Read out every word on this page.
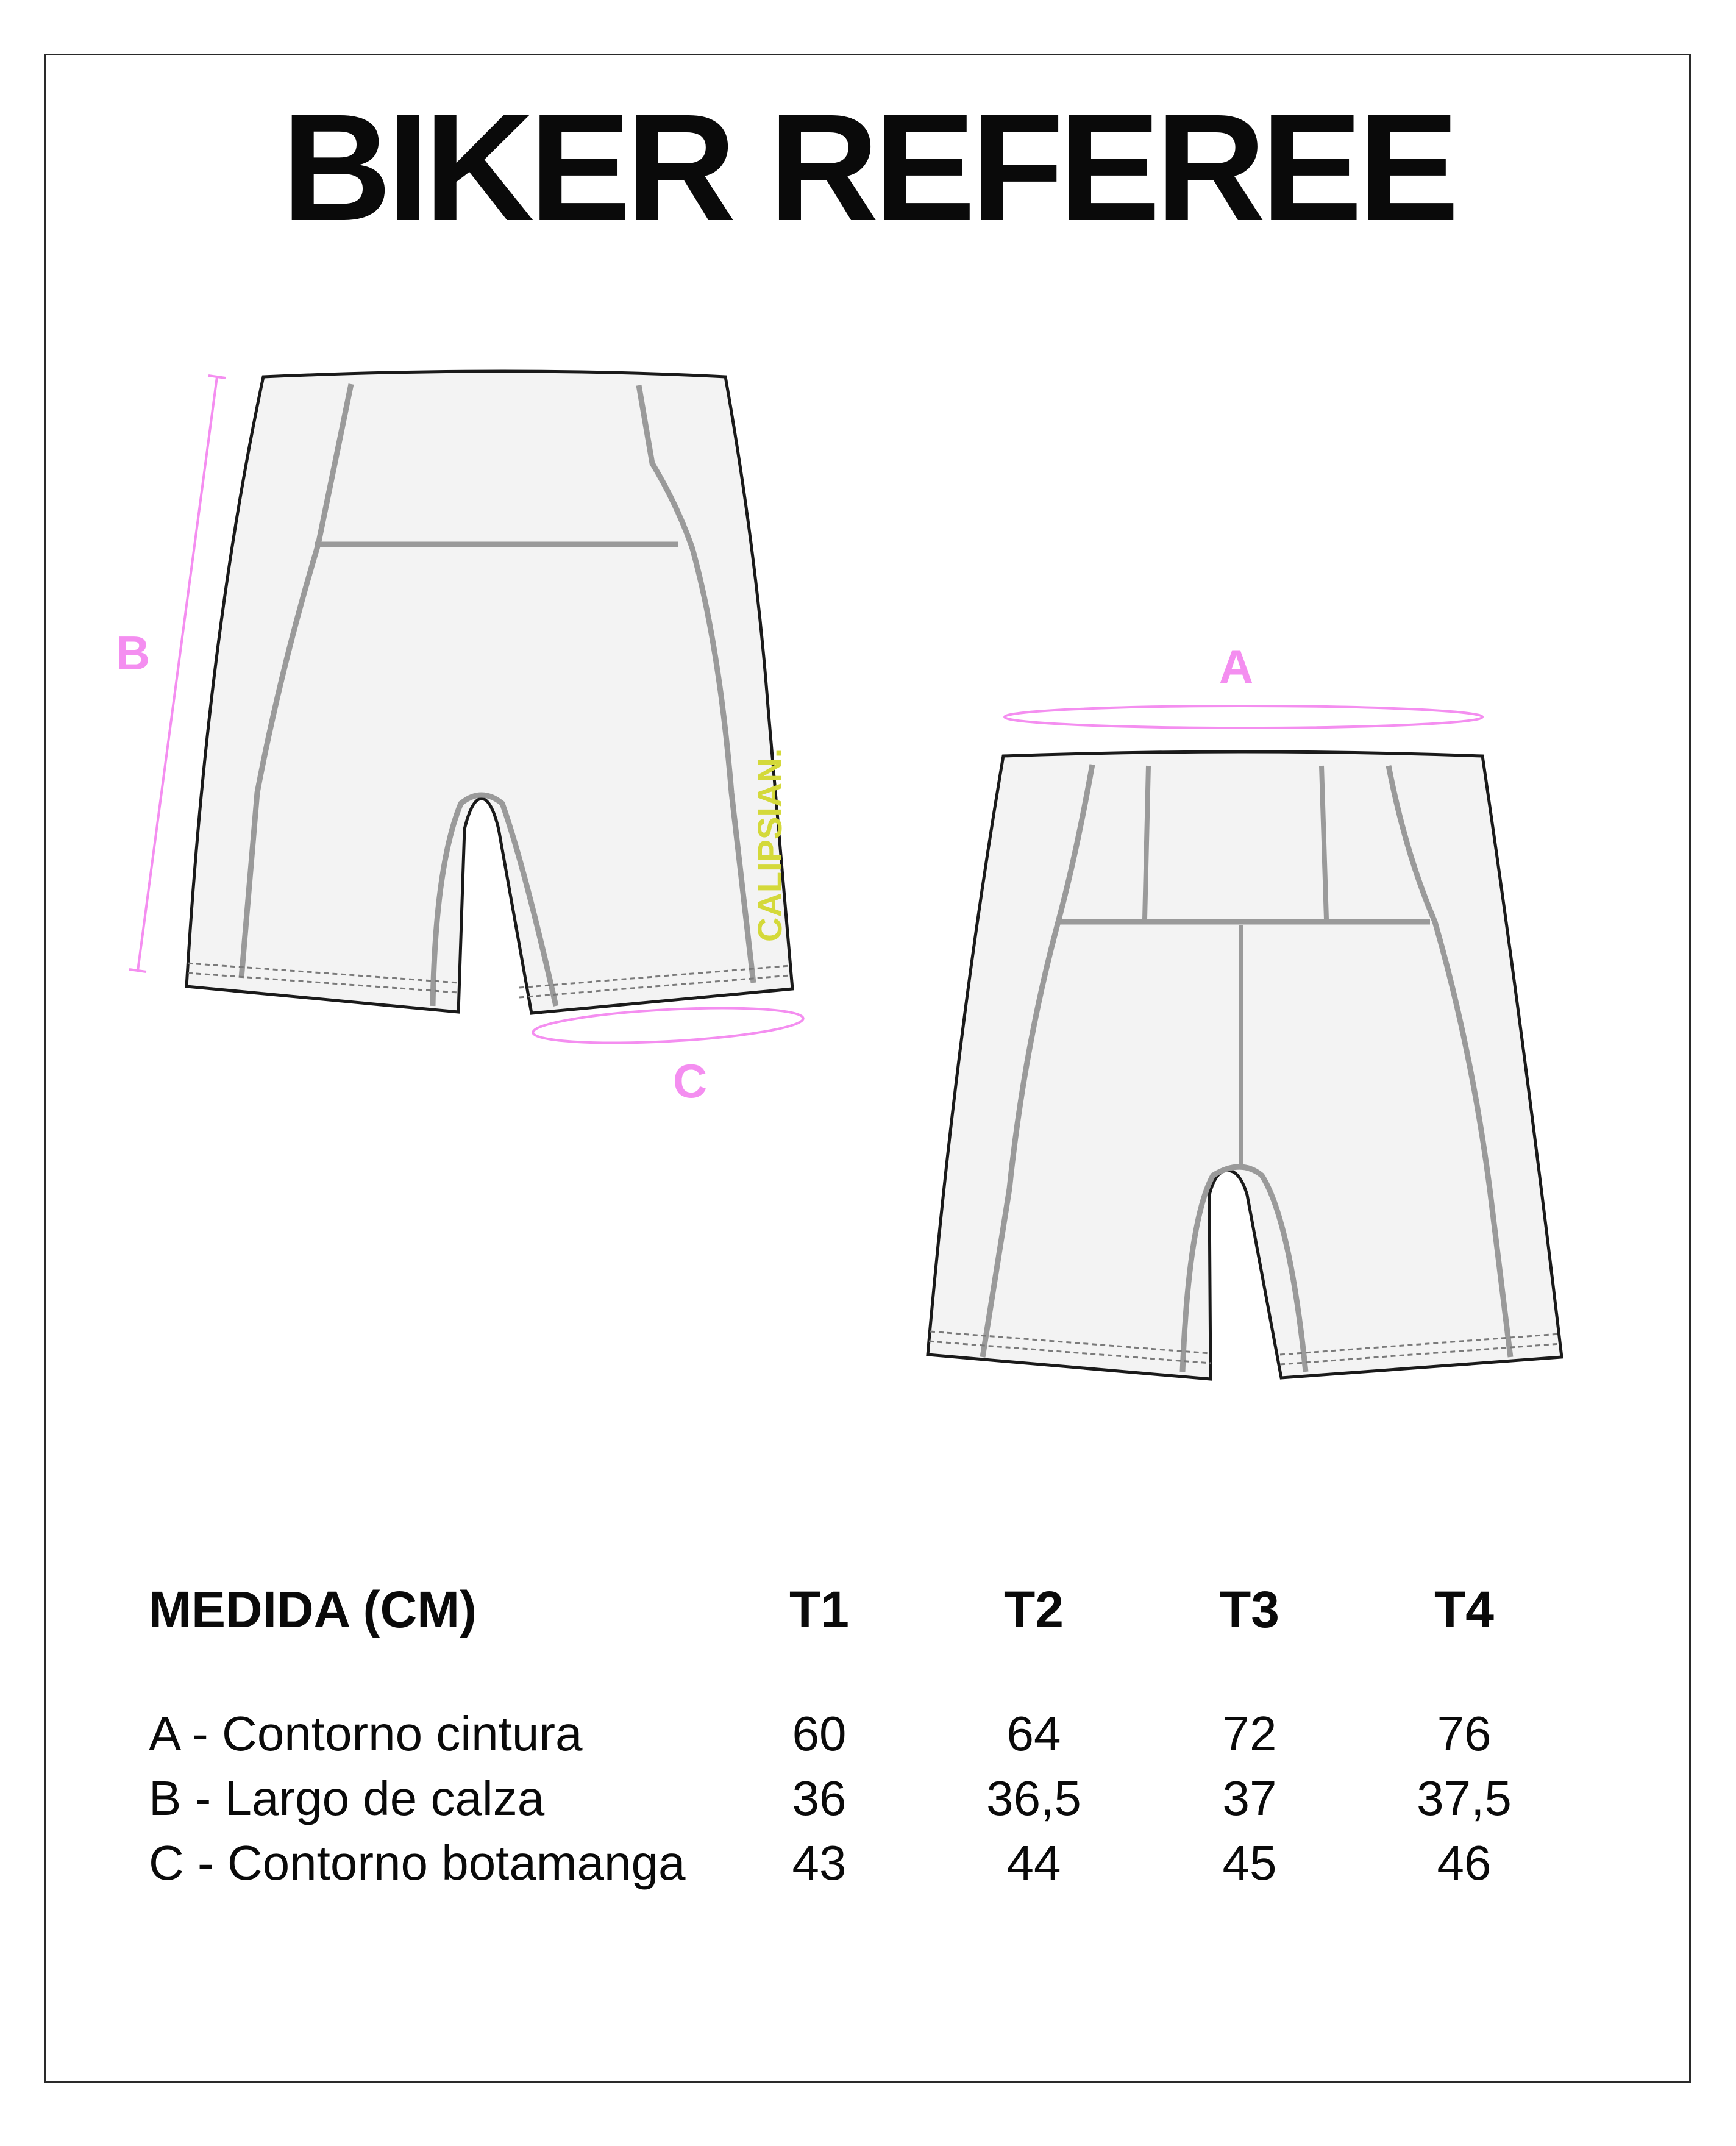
BIKER REFEREE
CALIPSIAN.
B
C
A
MEDIDA (CM)	T1	T2	T3	T4
A - Contorno cintura	60	64	72	76
B - Largo de calza	36	36,5	37	37,5
C - Contorno botamanga	43	44	45	46
